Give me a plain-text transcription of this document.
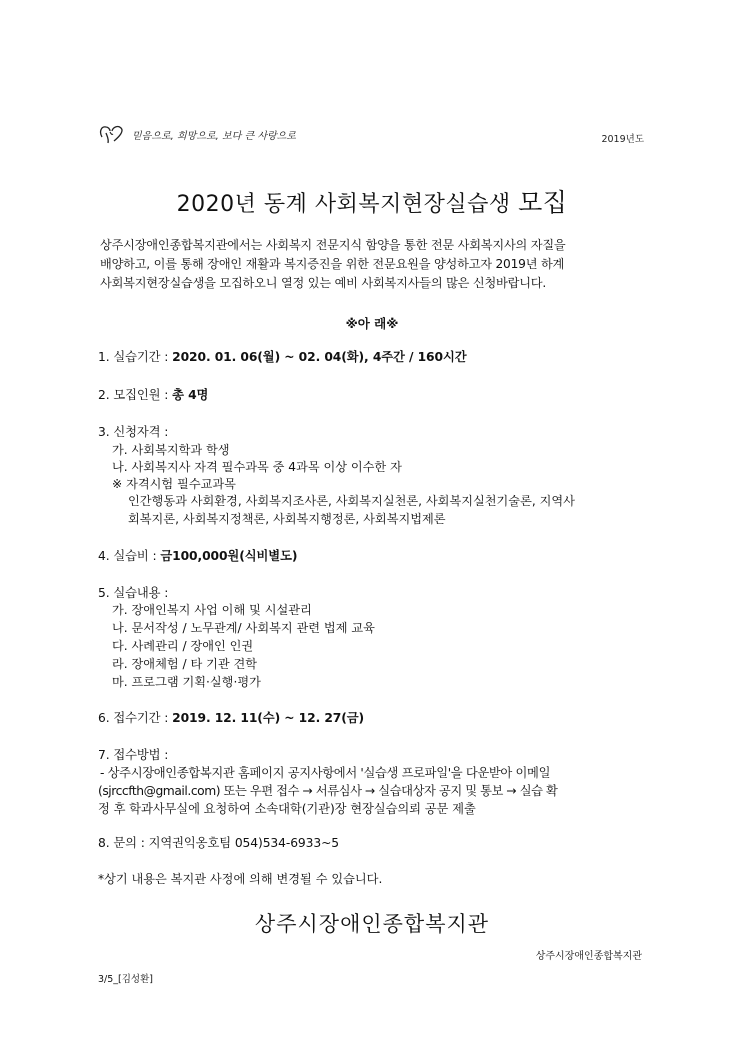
믿음으로, 희망으로, 보다 큰 사랑으로	2019년도
2020년 동계 사회복지현장실습생 모집
상주시장애인종합복지관에서는 사회복지 전문지식 함양을 통한 전문 사회복지사의 자질을
배양하고, 이를 통해 장애인 재활과 복지증진을 위한 전문요원을 양성하고자 2019년 하계
사회복지현장실습생을 모집하오니 열정 있는 예비 사회복지사들의 많은 신청바랍니다.
※아 래※
1. 실습기간 : 2020. 01. 06(월) ~ 02. 04(화), 4주간 / 160시간
2. 모집인원 : 총 4명
3. 신청자격 :
가. 사회복지학과 학생
나. 사회복지사 자격 필수과목 중 4과목 이상 이수한 자
※ 자격시험 필수교과목
인간행동과 사회환경, 사회복지조사론, 사회복지실천론, 사회복지실천기술론, 지역사
회복지론, 사회복지정책론, 사회복지행정론, 사회복지법제론
4. 실습비 : 금100,000원(식비별도)
5. 실습내용 :
가. 장애인복지 사업 이해 및 시설관리
나. 문서작성 / 노무관계/ 사회복지 관련 법제 교육
다. 사례관리 / 장애인 인권
라. 장애체험 / 타 기관 견학
마. 프로그램 기획·실행·평가
6. 접수기간 : 2019. 12. 11(수) ~ 12. 27(금)
7. 접수방법 :
- 상주시장애인종합복지관 홈페이지 공지사항에서 '실습생 프로파일'을 다운받아 이메일
(sjrccfth@gmail.com) 또는 우편 접수 → 서류심사 → 실습대상자 공지 및 통보 → 실습 확
정 후 학과사무실에 요청하여 소속대학(기관)장 현장실습의뢰 공문 제출
8. 문의 : 지역권익옹호팀 054)534-6933~5
*상기 내용은 복지관 사정에 의해 변경될 수 있습니다.
상주시장애인종합복지관
상주시장애인종합복지관
3/5_[김성환]
